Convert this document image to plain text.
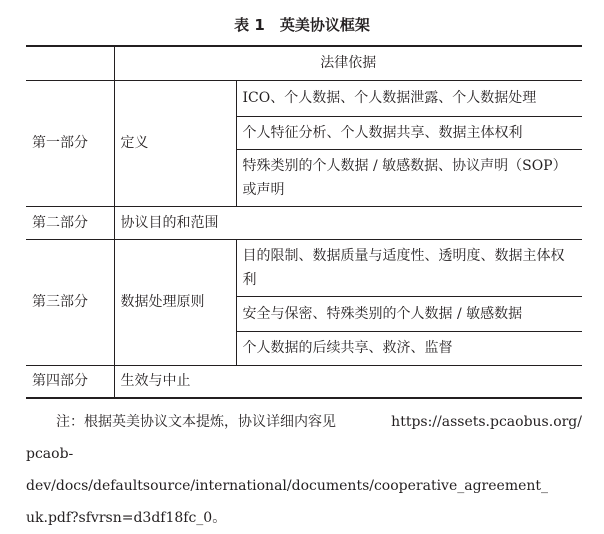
表 1　英美协议框架
	法律依据	
第一部分	定义	ICO、个人数据、个人数据泄露、个人数据处理
		个人特征分析、个人数据共享、数据主体权利
		特殊类别的个人数据 / 敏感数据、协议声明（SOP）或声明
第二部分	协议目的和范围	
第三部分	数据处理原则	目的限制、数据质量与适度性、透明度、数据主体权利
		安全与保密、特殊类别的个人数据 / 敏感数据
		个人数据的后续共享、救济、监督
第四部分	生效与中止	

注：根据英美协议文本提炼，协议详细内容见	https://assets.pcaobus.org/

pcaob-dev/docs/defaultsource/international/documents/cooperative_agreement_

uk.pdf?sfvrsn=d3df18fc_0。
